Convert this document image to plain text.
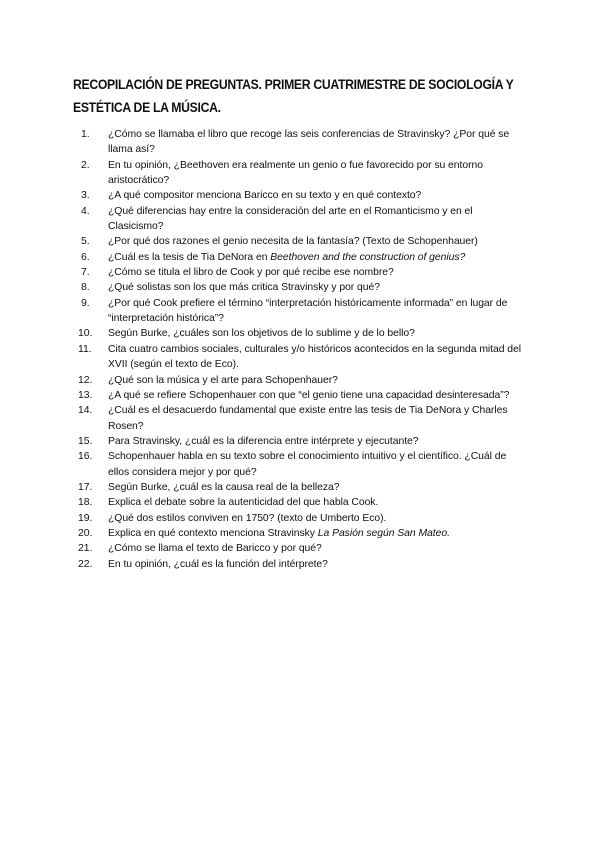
RECOPILACIÓN DE PREGUNTAS. PRIMER CUATRIMESTRE DE SOCIOLOGÍA Y ESTÉTICA DE LA MÚSICA.
1.	¿Cómo se llamaba el libro que recoge las seis conferencias de Stravinsky? ¿Por qué se llama así?
2.	En tu opinión, ¿Beethoven era realmente un genio o fue favorecido por su entorno aristocrático?
3.	¿A qué compositor menciona Baricco en su texto y en qué contexto?
4.	¿Qué diferencias hay entre la consideración del arte en el Romanticismo y en el Clasicismo?
5.	¿Por qué dos razones el genio necesita de la fantasía? (Texto de Schopenhauer)
6.	¿Cuál es la tesis de Tia DeNora en Beethoven and the construction of genius?
7.	¿Cómo se titula el libro de Cook y por qué recibe ese nombre?
8.	¿Qué solistas son los que más critica Stravinsky y por qué?
9.	¿Por qué Cook prefiere el término “interpretación históricamente informada” en lugar de “interpretación histórica”?
10.	Según Burke, ¿cuáles son los objetivos de lo sublime y de lo bello?
11.	Cita cuatro cambios sociales, culturales y/o históricos acontecidos en la segunda mitad del XVII (según el texto de Eco).
12.	¿Qué son la música y el arte para Schopenhauer?
13.	¿A qué se refiere Schopenhauer con que “el genio tiene una capacidad desinteresada”?
14.	¿Cuál es el desacuerdo fundamental que existe entre las tesis de Tia DeNora y Charles Rosen?
15.	Para Stravinsky, ¿cuál es la diferencia entre intérprete y ejecutante?
16.	Schopenhauer habla en su texto sobre el conocimiento intuitivo y el científico. ¿Cuál de ellos considera mejor y por qué?
17.	Según Burke, ¿cuál es la causa real de la belleza?
18.	Explica el debate sobre la autenticidad del que habla Cook.
19.	¿Qué dos estilos conviven en 1750? (texto de Umberto Eco).
20.	Explica en qué contexto menciona Stravinsky La Pasión según San Mateo.
21.	¿Cómo se llama el texto de Baricco y por qué?
22.	En tu opinión, ¿cuál es la función del intérprete?
